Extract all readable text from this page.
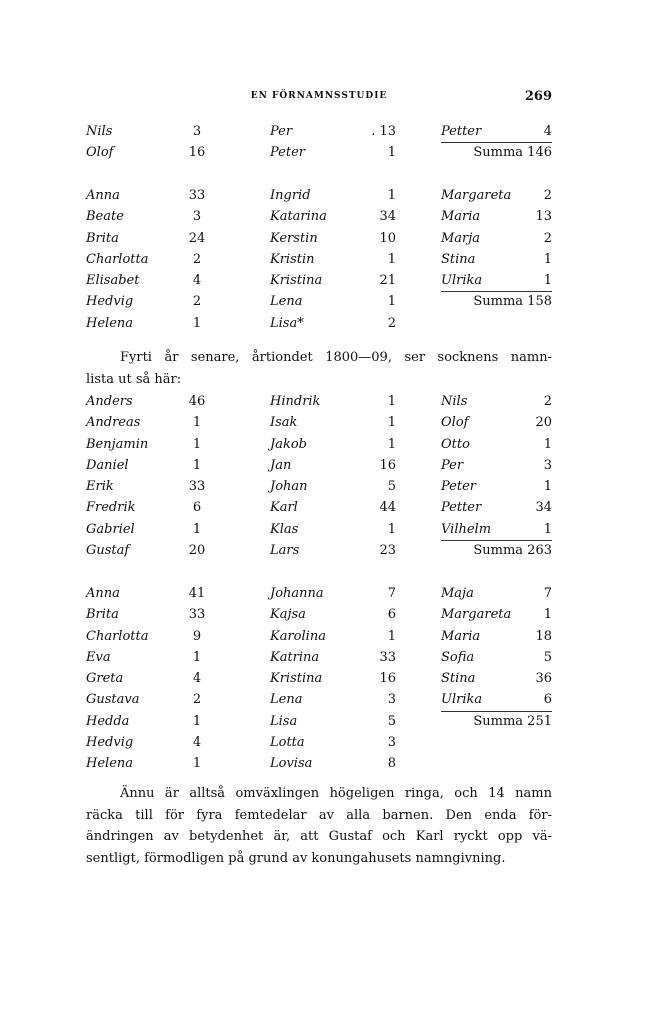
EN FÖRNAMNSSTUDIE	269
Nils	3	Per	. 13	Petter	4
Olof	16	Peter	1	Summa 146
Anna	33	Ingrid	1	Margareta 2
Beate	3	Katarina	34	Maria	13
Brita	24	Kerstin	10	Marja	2
Charlotta	2	Kristin	1	Stina	1
Elisabet	4	Kristina	21	Ulrika	1
Hedvig	2	Lena	1	Summa 158
Helena	1	Lisa*	2
Fyrti år senare, årtiondet 1800—09, ser socknens namn-
lista ut så här:
Anders	46	Hindrik	1	Nils	2
Andreas	1	Isak	1	Olof	20
Benjamin	1	Jakob	1	Otto	1
Daniel	1	Jan	16	Per	3
Erik	33	Johan	5	Peter	1
Fredrik	6	Karl	44	Petter	34
Gabriel	1	Klas	1	Vilhelm	1
Gustaf	20	Lars	23	Summa 263
Anna	41	Johanna	7	Maja	7
Brita	33	Kajsa	6	Margareta 1
Charlotta	9	Karolina	1	Maria	18
Eva	1	Katrina	33	Sofia	5
Greta	4	Kristina	16	Stina	36
Gustava	2	Lena	3	Ulrika	6
Hedda	1	Lisa	5	Summa 251
Hedvig	4	Lotta	3
Helena	1	Lovisa	8
Ännu är alltså omväxlingen högeligen ringa, och 14 namn
räcka till för fyra femtedelar av alla barnen. Den enda för-
ändringen av betydenhet är, att Gustaf och Karl ryckt opp vä-
sentligt, förmodligen på grund av konungahusets namngivning.
